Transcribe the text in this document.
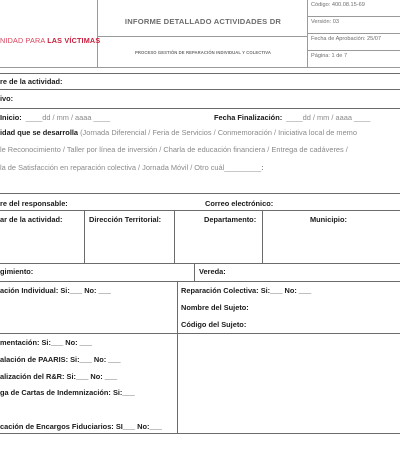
NIDAD PARA LAS VÍCTIMAS
INFORME DETALLADO ACTIVIDADES DR
PROCESO GESTIÓN DE REPARACIÓN INDIVIDUAL Y COLECTIVA
Código: 400.08.15-69
Versión: 03
Fecha de Aprobación: 25/07
Página: 1 de 7
re de la actividad:
ivo:
Inicio: ____dd / mm / aaaa ____	Fecha Finalización: ____dd / mm / aaaa ____
idad que se desarrolla (Jornada Diferencial / Feria de Servicios / Conmemoración / Iniciativa local de memo
le Reconocimiento / Taller por línea de inversión / Charla de educación financiera / Entrega de cadáveres /
la de Satisfacción en reparación colectiva / Jornada Móvil / Otro cuál_________:
re del responsable:	Correo electrónico:
ar de la actividad:	Dirección Territorial:	Departamento:	Municipio:
gimiento:	Vereda:
ación Individual: Si:___ No: ___	Reparación Colectiva: Si:___ No: ___
Nombre del Sujeto:
Código del Sujeto:
mentación: Si:___ No: ___
alación de PAARIS: Si:___ No: ___
alización del R&R: Si:___ No: ___
ga de Cartas de Indemnización: Si:___
cación de Encargos Fiduciarios: SI___ No:___
